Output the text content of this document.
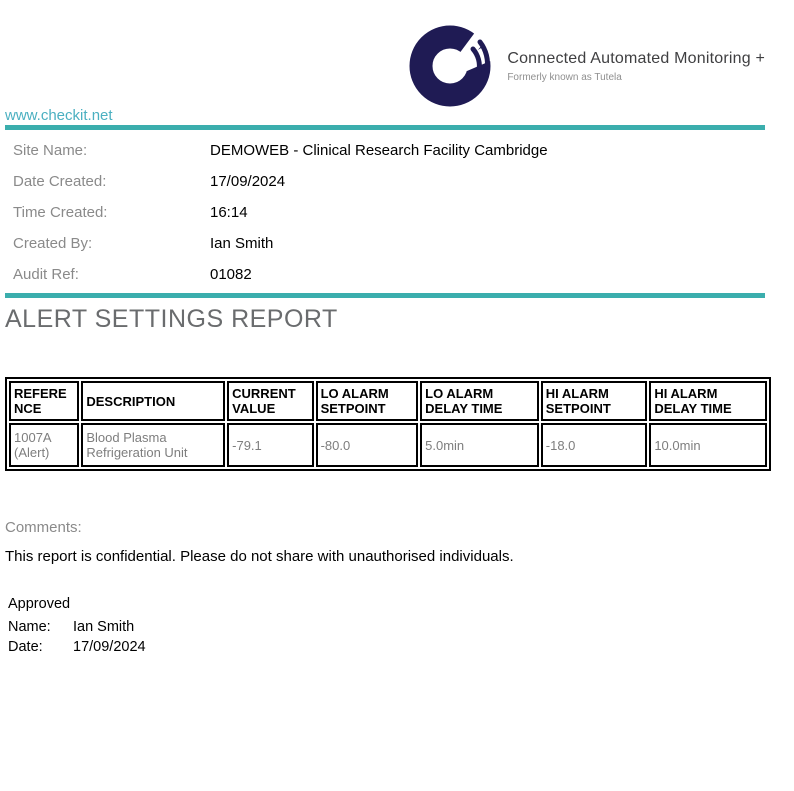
Connected Automated Monitoring +
Formerly known as Tutela
www.checkit.net
Site Name:	DEMOWEB - Clinical Research Facility Cambridge
Date Created:	17/09/2024
Time Created:	16:14
Created By:	Ian Smith
Audit Ref:	01082
ALERT SETTINGS REPORT
REFERENCE	DESCRIPTION	CURRENT VALUE	LO ALARM SETPOINT	LO ALARM DELAY TIME	HI ALARM SETPOINT	HI ALARM DELAY TIME
1007A (Alert)	Blood Plasma Refrigeration Unit	-79.1	-80.0	5.0min	-18.0	10.0min
Comments:
This report is confidential. Please do not share with unauthorised individuals.
Approved
Name:	Ian Smith
Date:	17/09/2024
